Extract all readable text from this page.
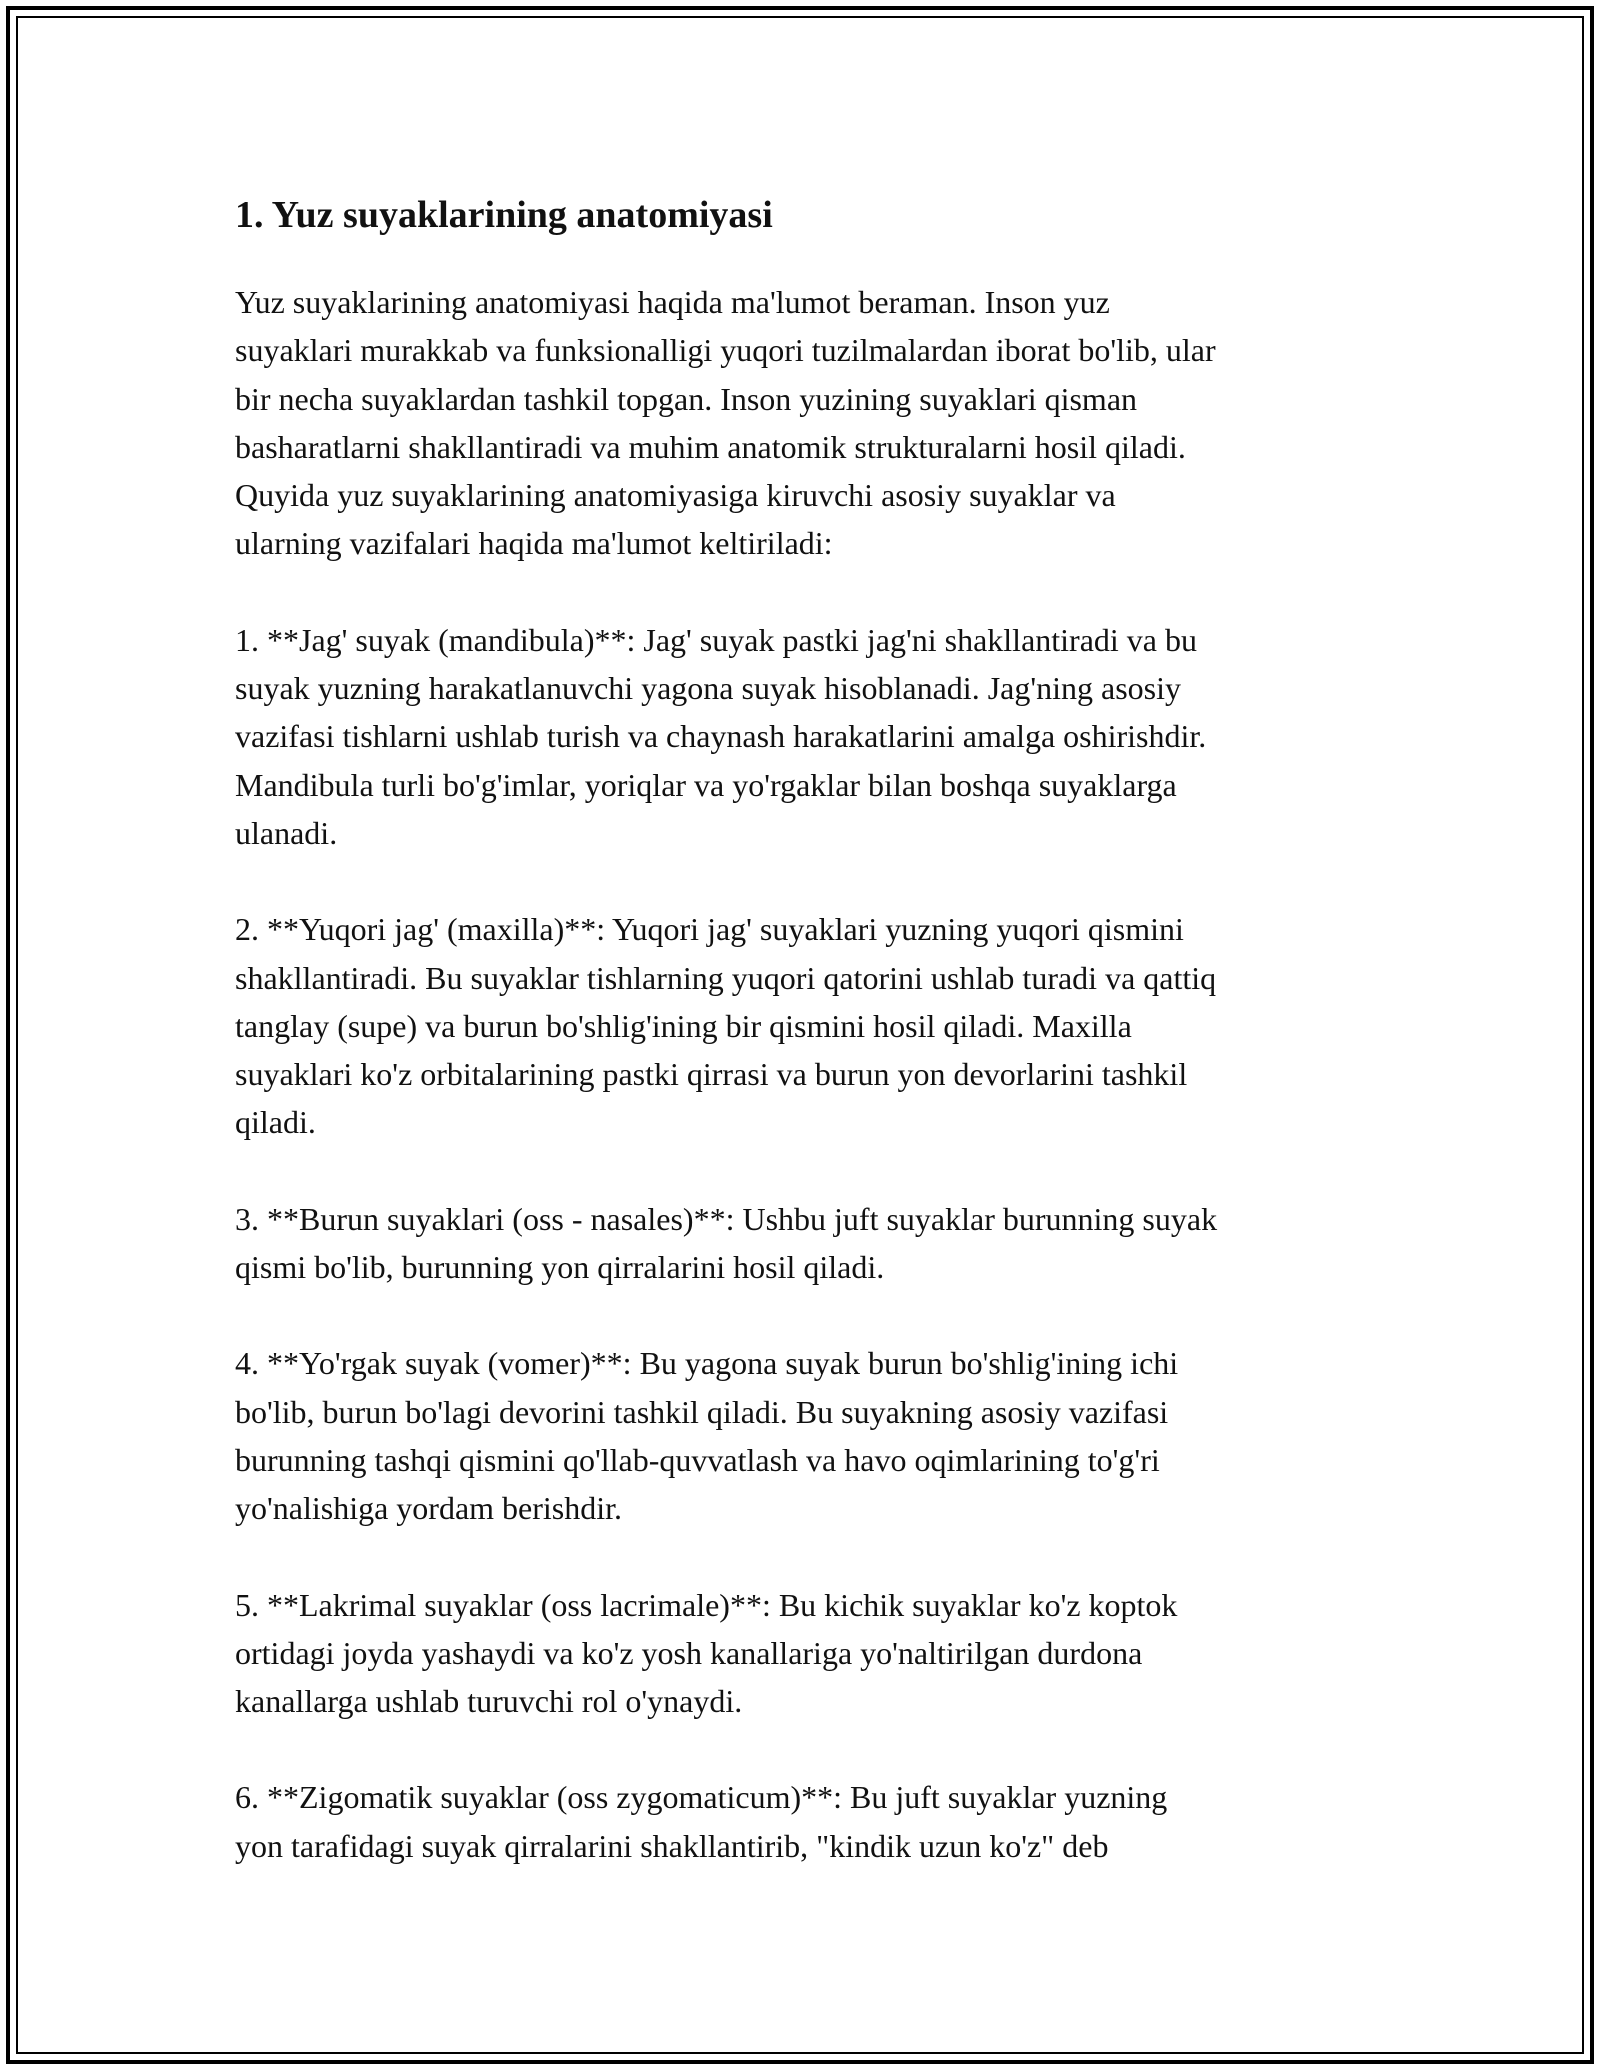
1. Yuz suyaklarining anatomiyasi

Yuz suyaklarining anatomiyasi haqida ma'lumot beraman. Inson yuz
suyaklari murakkab va funksionalligi yuqori tuzilmalardan iborat bo'lib, ular
bir necha suyaklardan tashkil topgan. Inson yuzining suyaklari qisman
basharatlarni shakllantiradi va muhim anatomik strukturalarni hosil qiladi.
Quyida yuz suyaklarining anatomiyasiga kiruvchi asosiy suyaklar va
ularning vazifalari haqida ma'lumot keltiriladi:

1. **Jag' suyak (mandibula)**: Jag' suyak pastki jag'ni shakllantiradi va bu
suyak yuzning harakatlanuvchi yagona suyak hisoblanadi. Jag'ning asosiy
vazifasi tishlarni ushlab turish va chaynash harakatlarini amalga oshirishdir.
Mandibula turli bo'g'imlar, yoriqlar va yo'rgaklar bilan boshqa suyaklarga
ulanadi.

2. **Yuqori jag' (maxilla)**: Yuqori jag' suyaklari yuzning yuqori qismini
shakllantiradi. Bu suyaklar tishlarning yuqori qatorini ushlab turadi va qattiq
tanglay (supe) va burun bo'shlig'ining bir qismini hosil qiladi. Maxilla
suyaklari ko'z orbitalarining pastki qirrasi va burun yon devorlarini tashkil
qiladi.

3. **Burun suyaklari (oss - nasales)**: Ushbu juft suyaklar burunning suyak
qismi bo'lib, burunning yon qirralarini hosil qiladi.

4. **Yo'rgak suyak (vomer)**: Bu yagona suyak burun bo'shlig'ining ichi
bo'lib, burun bo'lagi devorini tashkil qiladi. Bu suyakning asosiy vazifasi
burunning tashqi qismini qo'llab-quvvatlash va havo oqimlarining to'g'ri
yo'nalishiga yordam berishdir.

5. **Lakrimal suyaklar (oss lacrimale)**: Bu kichik suyaklar ko'z koptok
ortidagi joyda yashaydi va ko'z yosh kanallariga yo'naltirilgan durdona
kanallarga ushlab turuvchi rol o'ynaydi.

6. **Zigomatik suyaklar (oss zygomaticum)**: Bu juft suyaklar yuzning
yon tarafidagi suyak qirralarini shakllantirib, "kindik uzun ko'z" deb
